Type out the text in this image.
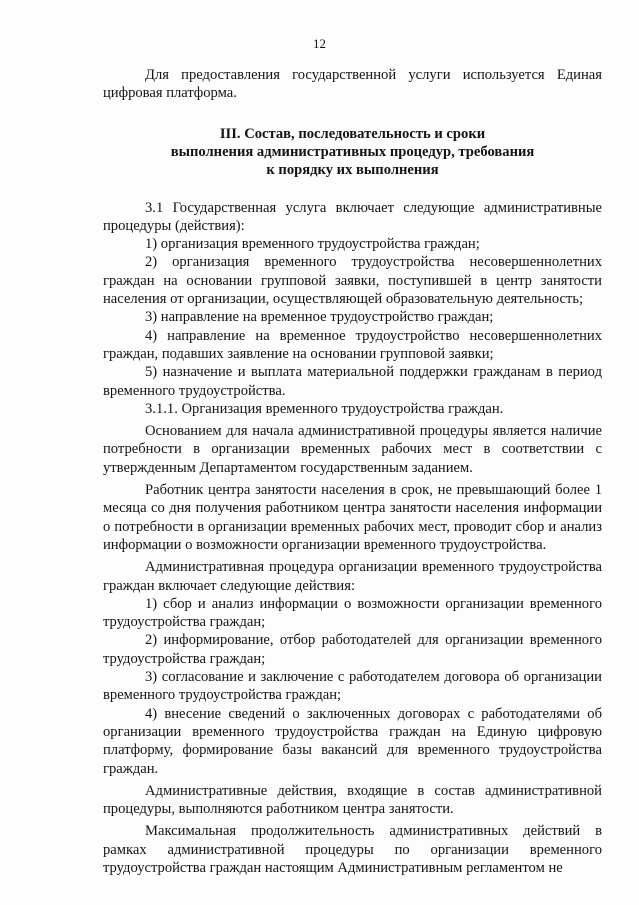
12

Для предоставления государственной услуги используется Единая цифровая платформа.

III. Состав, последовательность и сроки
выполнения административных процедур, требования
к порядку их выполнения

3.1 Государственная услуга включает следующие административные процедуры (действия):

1) организация временного трудоустройства граждан;

2) организация временного трудоустройства несовершеннолетних граждан на основании групповой заявки, поступившей в центр занятости населения от организации, осуществляющей образовательную деятельность;

3) направление на временное трудоустройство граждан;

4) направление на временное трудоустройство несовершеннолетних граждан, подавших заявление на основании групповой заявки;

5) назначение и выплата материальной поддержки гражданам в период временного трудоустройства.

3.1.1. Организация временного трудоустройства граждан.

Основанием для начала административной процедуры является наличие потребности в организации временных рабочих мест в соответствии с утвержденным Департаментом государственным заданием.

Работник центра занятости населения в срок, не превышающий более 1 месяца со дня получения работником центра занятости населения информации о потребности в организации временных рабочих мест, проводит сбор и анализ информации о возможности организации временного трудоустройства.

Административная процедура организации временного трудоустройства граждан включает следующие действия:

1) сбор и анализ информации о возможности организации временного трудоустройства граждан;

2) информирование, отбор работодателей для организации временного трудоустройства граждан;

3) согласование и заключение с работодателем договора об организации временного трудоустройства граждан;

4) внесение сведений о заключенных договорах с работодателями об организации временного трудоустройства граждан на Единую цифровую платформу, формирование базы вакансий для временного трудоустройства граждан.

Административные действия, входящие в состав административной процедуры, выполняются работником центра занятости.

Максимальная продолжительность административных действий в рамках административной процедуры по организации временного трудоустройства граждан настоящим Административным регламентом не
